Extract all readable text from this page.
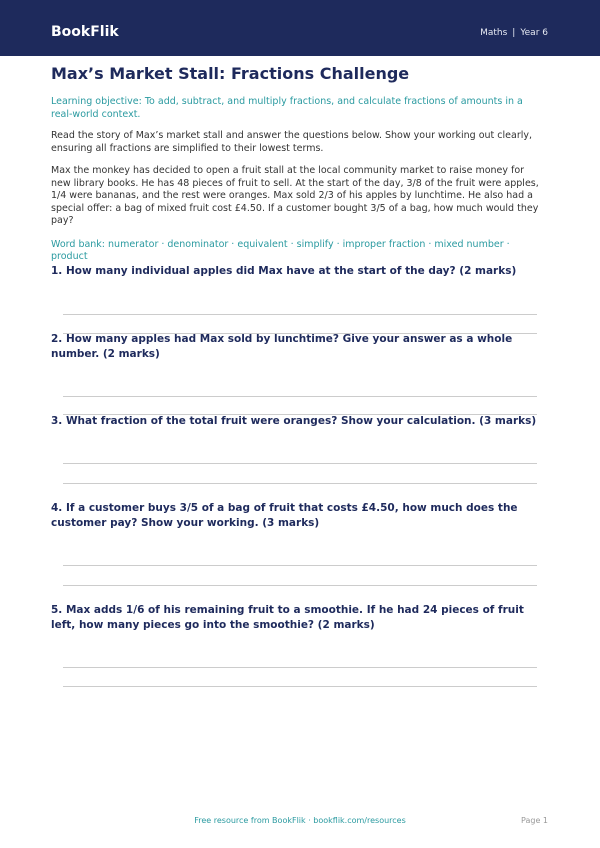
BookFlik	Maths | Year 6
Max’s Market Stall: Fractions Challenge

Learning objective: To add, subtract, and multiply fractions, and calculate fractions of amounts in a real-world context.

Read the story of Max’s market stall and answer the questions below. Show your working out clearly, ensuring all fractions are simplified to their lowest terms.

Max the monkey has decided to open a fruit stall at the local community market to raise money for new library books. He has 48 pieces of fruit to sell. At the start of the day, 3/8 of the fruit were apples, 1/4 were bananas, and the rest were oranges. Max sold 2/3 of his apples by lunchtime. He also had a special offer: a bag of mixed fruit cost £4.50. If a customer bought 3/5 of a bag, how much would they pay?

Word bank: numerator · denominator · equivalent · simplify · improper fraction · mixed number · product

1. How many individual apples did Max have at the start of the day? (2 marks)
2. How many apples had Max sold by lunchtime? Give your answer as a whole number. (2 marks)
3. What fraction of the total fruit were oranges? Show your calculation. (3 marks)
4. If a customer buys 3/5 of a bag of fruit that costs £4.50, how much does the customer pay? Show your working. (3 marks)
5. Max adds 1/6 of his remaining fruit to a smoothie. If he had 24 pieces of fruit left, how many pieces go into the smoothie? (2 marks)
Free resource from BookFlik · bookflik.com/resources	Page 1
